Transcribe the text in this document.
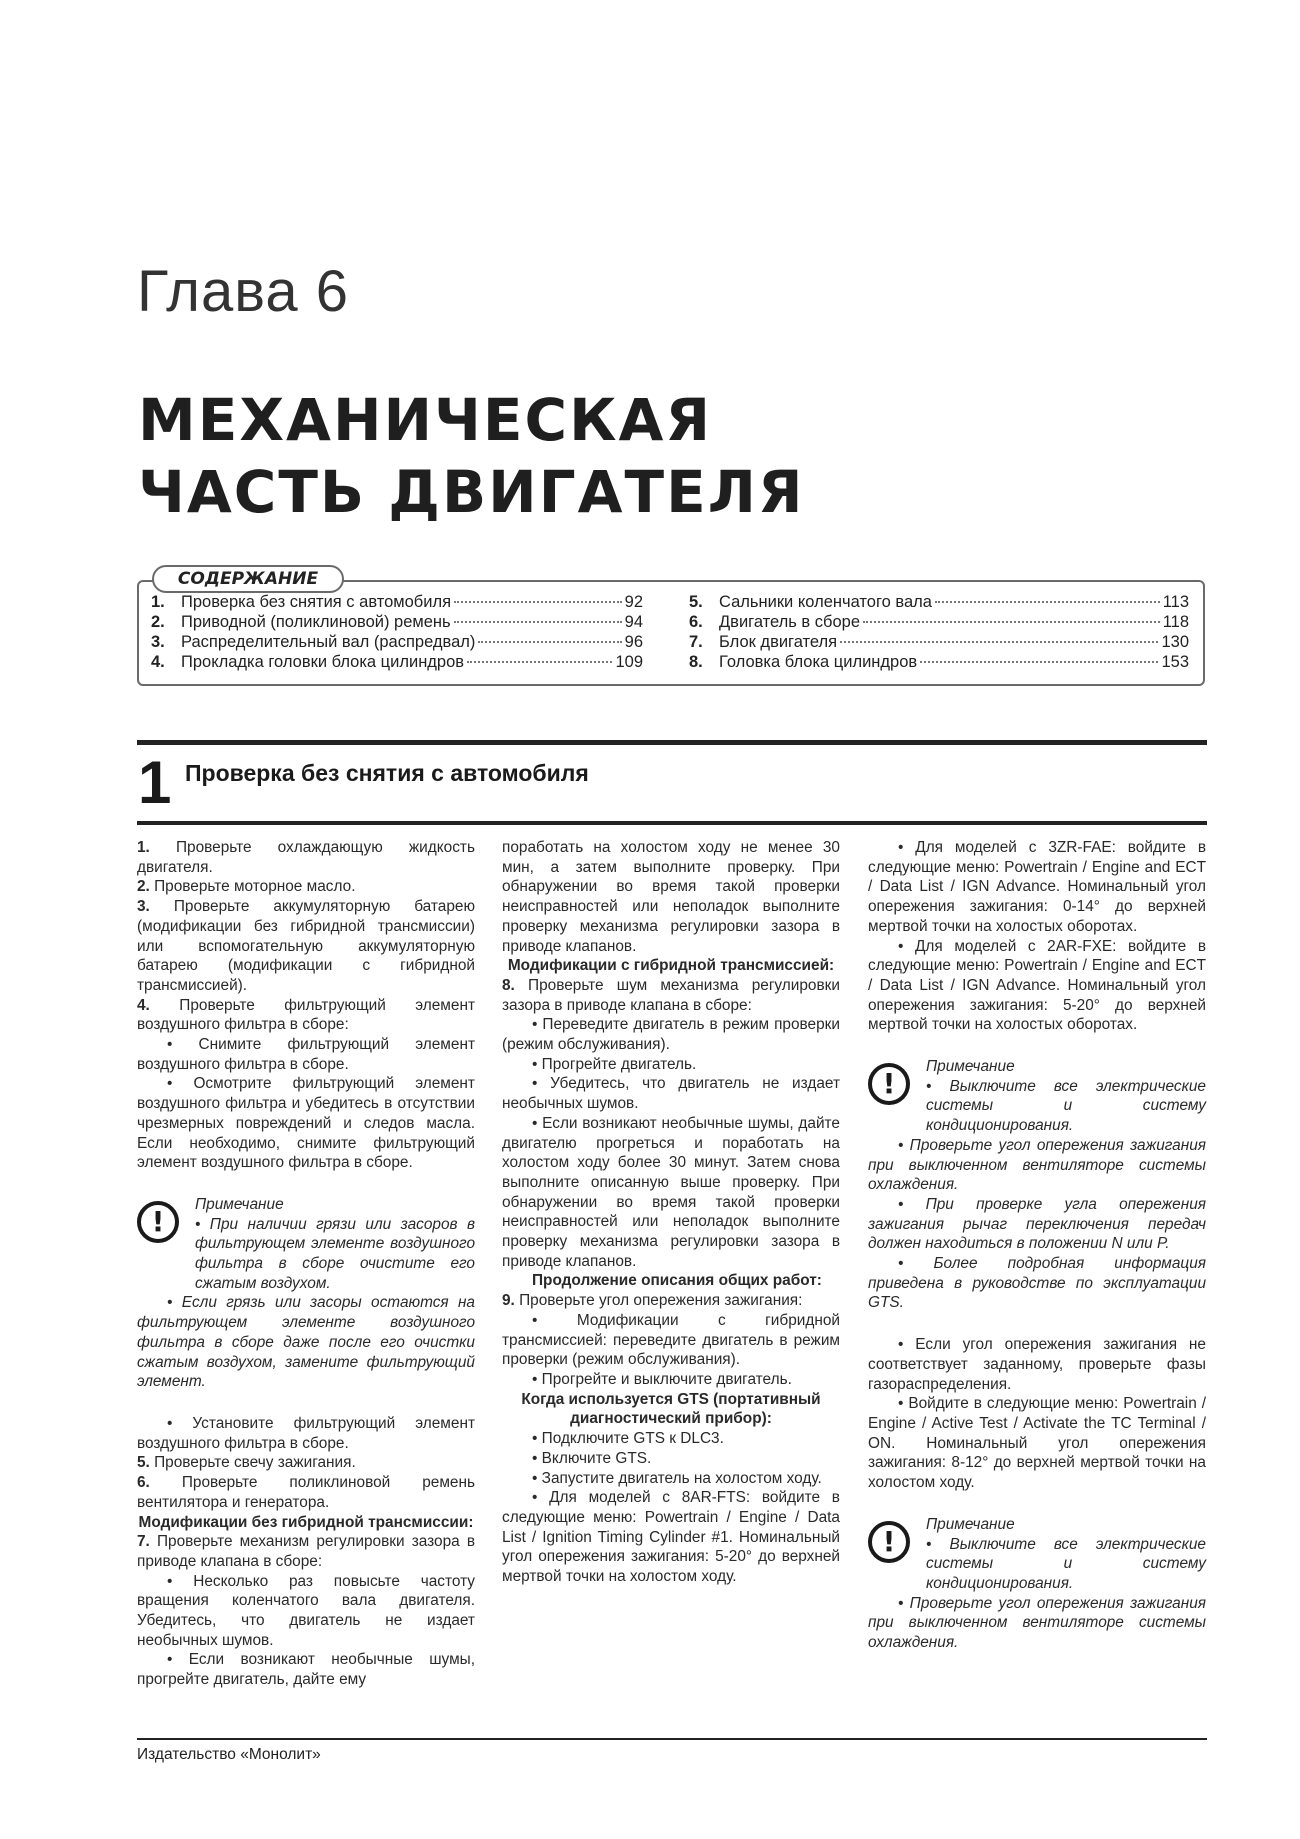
Глава 6
МЕХАНИЧЕСКАЯ
ЧАСТЬ ДВИГАТЕЛЯ
СОДЕРЖАНИЕ
1. Проверка без снятия с автомобиля	92
2. Приводной (поликлиновой) ремень	94
3. Распределительный вал (распредвал)	96
4. Прокладка головки блока цилиндров	109
5. Сальники коленчатого вала	113
6. Двигатель в сборе	118
7. Блок двигателя	130
8. Головка блока цилиндров	153
1 Проверка без снятия с автомобиля

1. Проверьте охлаждающую жидкость двигателя.

2. Проверьте моторное масло.

3. Проверьте аккумуляторную батарею (модификации без гибридной трансмиссии) или вспомогательную аккумуляторную батарею (модификации с гибридной трансмиссией).

4. Проверьте фильтрующий элемент воздушного фильтра в сборе:

• Снимите фильтрующий элемент воздушного фильтра в сборе.

• Осмотрите фильтрующий элемент воздушного фильтра и убедитесь в отсутствии чрезмерных повреждений и следов масла. Если необходимо, снимите фильтрующий элемент воздушного фильтра в сборе.

!

Примечание

• При наличии грязи или засоров в фильтрующем элементе воздушного фильтра в сборе очистите его сжатым воздухом.

• Если грязь или засоры остаются на фильтрующем элементе воздушного фильтра в сборе даже после его очистки сжатым воздухом, замените фильтрующий элемент.

• Установите фильтрующий элемент воздушного фильтра в сборе.

5. Проверьте свечу зажигания.

6. Проверьте поликлиновой ремень вентилятора и генератора.

Модификации без гибридной трансмиссии:

7. Проверьте механизм регулировки зазора в приводе клапана в сборе:

• Несколько раз повысьте частоту вращения коленчатого вала двигателя. Убедитесь, что двигатель не издает необычных шумов.

• Если возникают необычные шумы, прогрейте двигатель, дайте ему

поработать на холостом ходу не менее 30 мин, а затем выполните проверку. При обнаружении во время такой проверки неисправностей или неполадок выполните проверку механизма регулировки зазора в приводе клапанов.

Модификации с гибридной трансмиссией:

8. Проверьте шум механизма регулировки зазора в приводе клапана в сборе:

• Переведите двигатель в режим проверки (режим обслуживания).

• Прогрейте двигатель.

• Убедитесь, что двигатель не издает необычных шумов.

• Если возникают необычные шумы, дайте двигателю прогреться и поработать на холостом ходу более 30 минут. Затем снова выполните описанную выше проверку. При обнаружении во время такой проверки неисправностей или неполадок выполните проверку механизма регулировки зазора в приводе клапанов.

Продолжение описания общих работ:

9. Проверьте угол опережения зажигания:

• Модификации с гибридной трансмиссией: переведите двигатель в режим проверки (режим обслуживания).

• Прогрейте и выключите двигатель.

Когда используется GTS (портативный диагностический прибор):

• Подключите GTS к DLC3.

• Включите GTS.

• Запустите двигатель на холостом ходу.

• Для моделей с 8AR-FTS: войдите в следующие меню: Powertrain / Engine / Data List / Ignition Timing Cylinder #1. Номинальный угол опережения зажигания: 5-20° до верхней мертвой точки на холостом ходу.

• Для моделей с 3ZR-FAE: войдите в следующие меню: Powertrain / Engine and ECT / Data List / IGN Advance. Номинальный угол опережения зажигания: 0-14° до верхней мертвой точки на холостых оборотах.

• Для моделей с 2AR-FXE: войдите в следующие меню: Powertrain / Engine and ECT / Data List / IGN Advance. Номинальный угол опережения зажигания: 5-20° до верхней мертвой точки на холостых оборотах.

!

Примечание

• Выключите все электрические системы и систему кондиционирования.

• Проверьте угол опережения зажигания при выключенном вентиляторе системы охлаждения.

• При проверке угла опережения зажигания рычаг переключения передач должен находиться в положении N или P.

• Более подробная информация приведена в руководстве по эксплуатации GTS.

• Если угол опережения зажигания не соответствует заданному, проверьте фазы газораспределения.

• Войдите в следующие меню: Powertrain / Engine / Active Test / Activate the TC Terminal / ON. Номинальный угол опережения зажигания: 8-12° до верхней мертвой точки на холостом ходу.

!

Примечание

• Выключите все электрические системы и систему кондиционирования.

• Проверьте угол опережения зажигания при выключенном вентиляторе системы охлаждения.

Издательство «Монолит»
